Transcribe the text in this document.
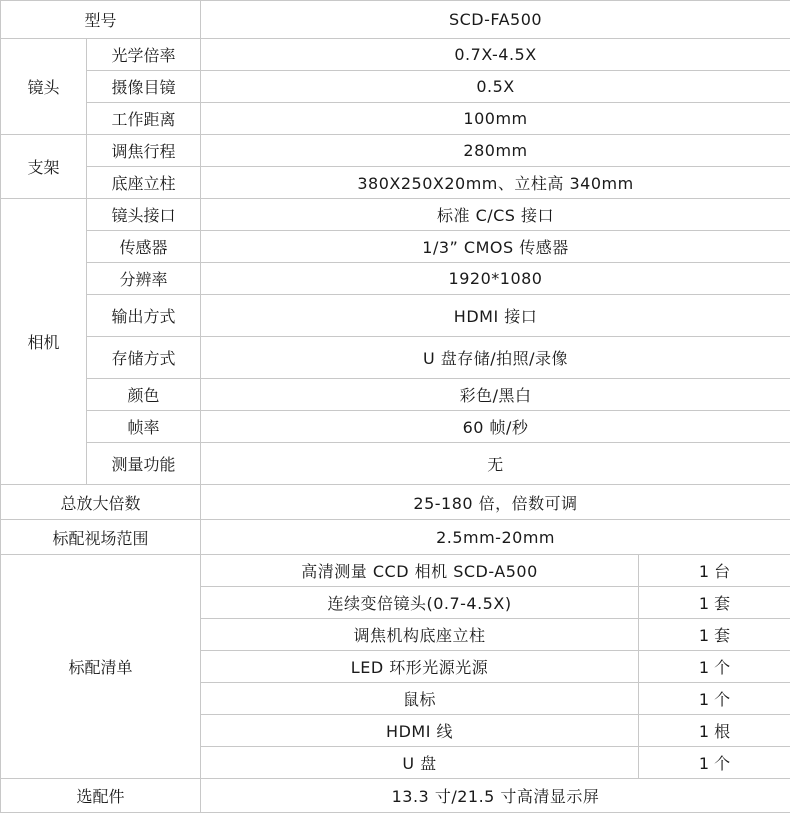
型号		SCD-FA500	
镜头	光学倍率	0.7X-4.5X	
	摄像目镜	0.5X	
	工作距离	100mm	
支架	调焦行程	280mm	
	底座立柱	380X250X20mm、立柱高 340mm	
相机	镜头接口	标准 C/CS 接口	
	传感器	1/3” CMOS 传感器	
	分辨率	1920*1080	
	输出方式	HDMI 接口	
	存储方式	U 盘存储/拍照/录像	
	颜色	彩色/黑白	
	帧率	60 帧/秒	
	测量功能	无	
总放大倍数		25-180 倍，倍数可调	
标配视场范围		2.5mm-20mm	
标配清单		高清测量 CCD 相机 SCD-A500	1 台
		连续变倍镜头(0.7-4.5X)	1 套
		调焦机构底座立柱	1 套
		LED 环形光源光源	1 个
		鼠标	1 个
		HDMI 线	1 根
		U 盘	1 个
选配件		13.3 寸/21.5 寸高清显示屏	
